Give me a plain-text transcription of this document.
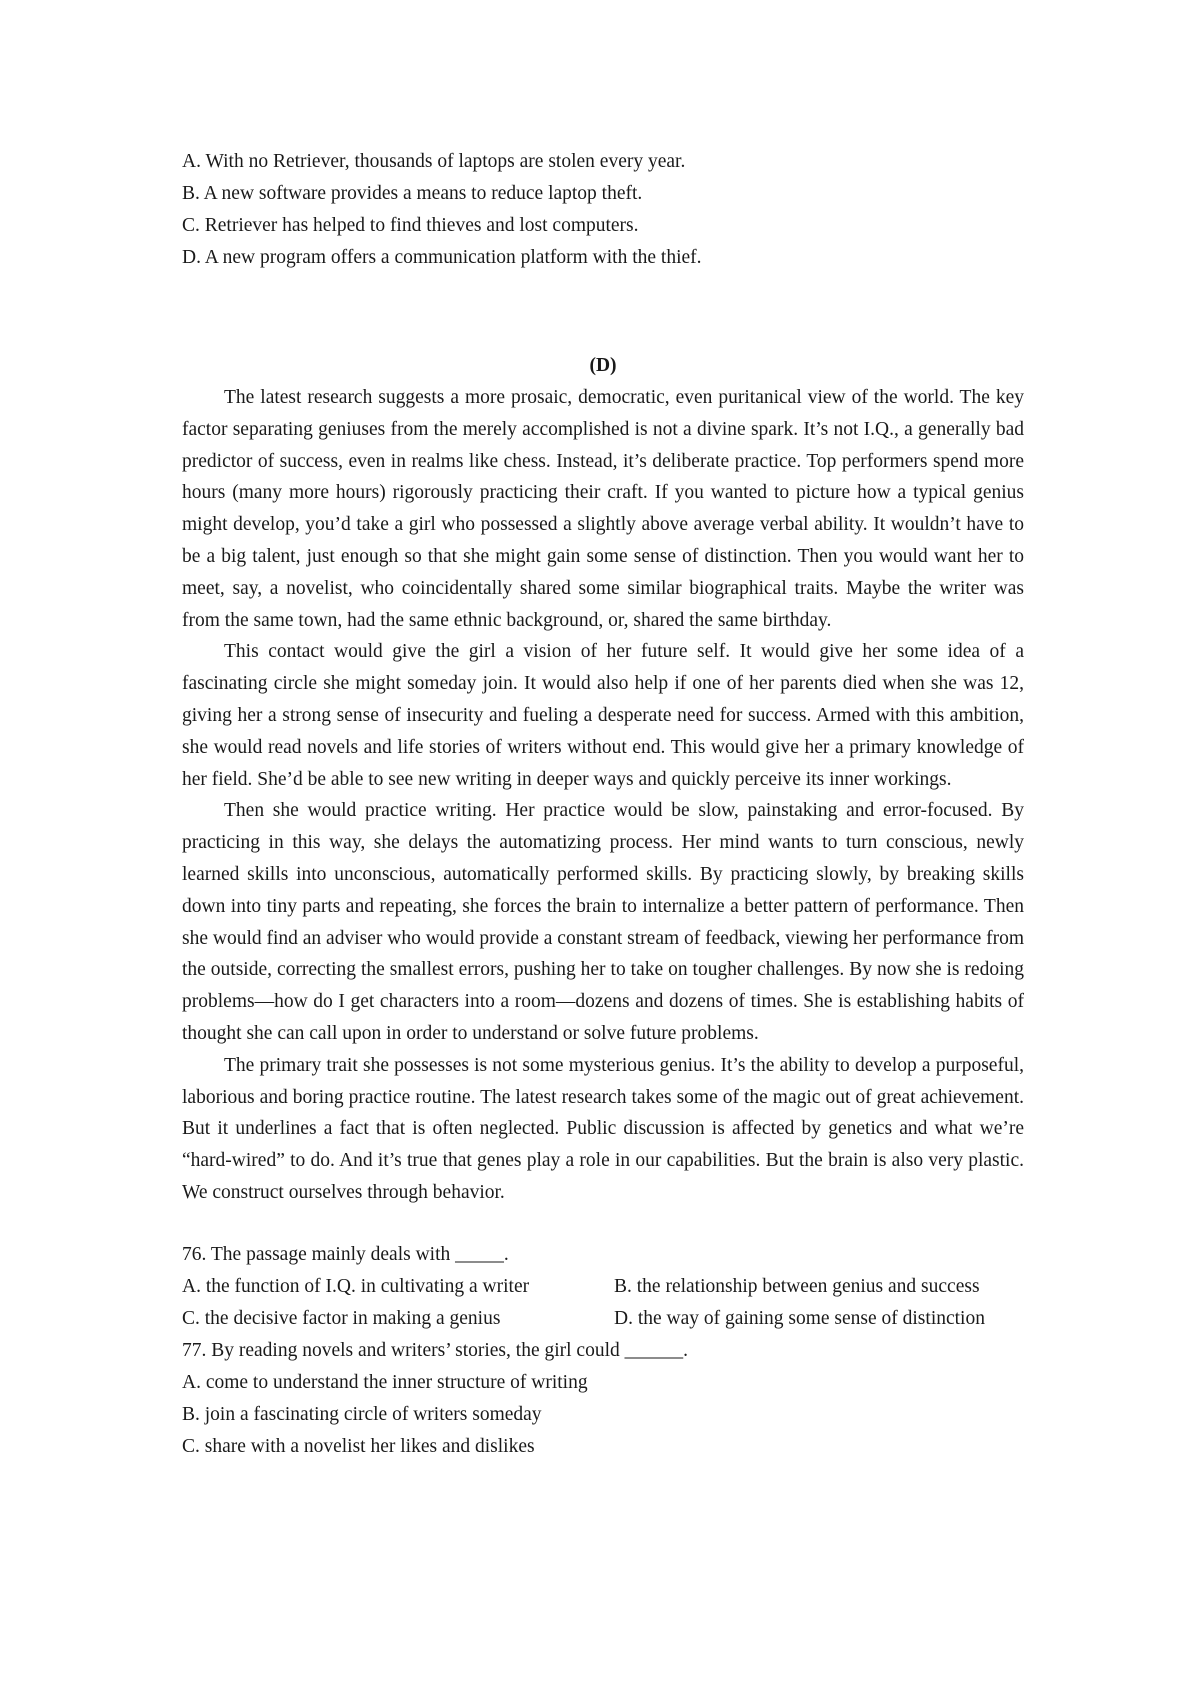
A. With no Retriever, thousands of laptops are stolen every year.

B. A new software provides a means to reduce laptop theft.

C. Retriever has helped to find thieves and lost computers.

D. A new program offers a communication platform with the thief.

(D)

The latest research suggests a more prosaic, democratic, even puritanical view of the world. The key factor separating geniuses from the merely accomplished is not a divine spark. It’s not I.Q., a generally bad predictor of success, even in realms like chess. Instead, it’s deliberate practice. Top performers spend more hours (many more hours) rigorously practicing their craft. If you wanted to picture how a typical genius might develop, you’d take a girl who possessed a slightly above average verbal ability. It wouldn’t have to be a big talent, just enough so that she might gain some sense of distinction. Then you would want her to meet, say, a novelist, who coincidentally shared some similar biographical traits. Maybe the writer was from the same town, had the same ethnic background, or, shared the same birthday.

This contact would give the girl a vision of her future self. It would give her some idea of a fascinating circle she might someday join. It would also help if one of her parents died when she was 12, giving her a strong sense of insecurity and fueling a desperate need for success. Armed with this ambition, she would read novels and life stories of writers without end. This would give her a primary knowledge of her field. She’d be able to see new writing in deeper ways and quickly perceive its inner workings.

Then she would practice writing. Her practice would be slow, painstaking and error-focused. By practicing in this way, she delays the automatizing process. Her mind wants to turn conscious, newly learned skills into unconscious, automatically performed skills. By practicing slowly, by breaking skills down into tiny parts and repeating, she forces the brain to internalize a better pattern of performance. Then she would find an adviser who would provide a constant stream of feedback, viewing her performance from the outside, correcting the smallest errors, pushing her to take on tougher challenges. By now she is redoing problems—how do I get characters into a room—dozens and dozens of times. She is establishing habits of thought she can call upon in order to understand or solve future problems.

The primary trait she possesses is not some mysterious genius. It’s the ability to develop a purposeful, laborious and boring practice routine. The latest research takes some of the magic out of great achievement. But it underlines a fact that is often neglected. Public discussion is affected by genetics and what we’re “hard-wired” to do. And it’s true that genes play a role in our capabilities. But the brain is also very plastic. We construct ourselves through behavior.

76. The passage mainly deals with _____.

A. the function of I.Q. in cultivating a writer	B. the relationship between genius and success
C. the decisive factor in making a genius	D. the way of gaining some sense of distinction

77. By reading novels and writers’ stories, the girl could ______.

A. come to understand the inner structure of writing

B. join a fascinating circle of writers someday

C. share with a novelist her likes and dislikes
